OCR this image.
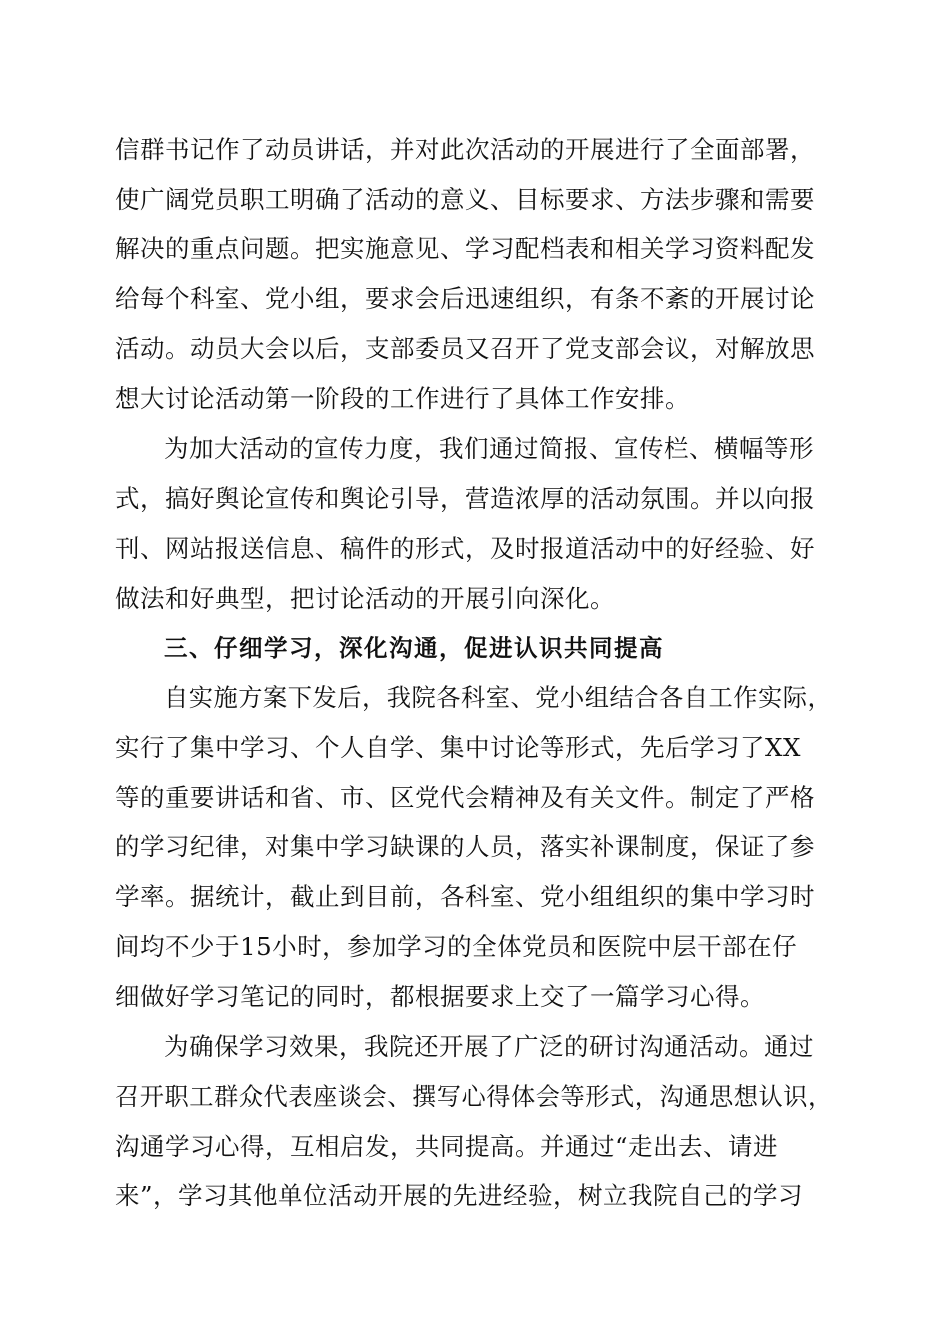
信群书记作了动员讲话，并对此次活动的开展进行了全面部署，
使广阔党员职工明确了活动的意义、目标要求、方法步骤和需要
解决的重点问题。把实施意见、学习配档表和相关学习资料配发
给每个科室、党小组，要求会后迅速组织，有条不紊的开展讨论
活动。动员大会以后，支部委员又召开了党支部会议，对解放思
想大讨论活动第一阶段的工作进行了具体工作安排。
为加大活动的宣传力度，我们通过简报、宣传栏、横幅等形
式，搞好舆论宣传和舆论引导，营造浓厚的活动氛围。并以向报
刊、网站报送信息、稿件的形式，及时报道活动中的好经验、好
做法和好典型，把讨论活动的开展引向深化。
三、仔细学习，深化沟通，促进认识共同提高
自实施方案下发后，我院各科室、党小组结合各自工作实际，
实行了集中学习、个人自学、集中讨论等形式，先后学习了XX
等的重要讲话和省、市、区党代会精神及有关文件。制定了严格
的学习纪律，对集中学习缺课的人员，落实补课制度，保证了参
学率。据统计，截止到目前，各科室、党小组组织的集中学习时
间均不少于15小时，参加学习的全体党员和医院中层干部在仔
细做好学习笔记的同时，都根据要求上交了一篇学习心得。
为确保学习效果，我院还开展了广泛的研讨沟通活动。通过
召开职工群众代表座谈会、撰写心得体会等形式，沟通思想认识，
沟通学习心得，互相启发，共同提高。并通过“走出去、请进
来”，学习其他单位活动开展的先进经验，树立我院自己的学习
